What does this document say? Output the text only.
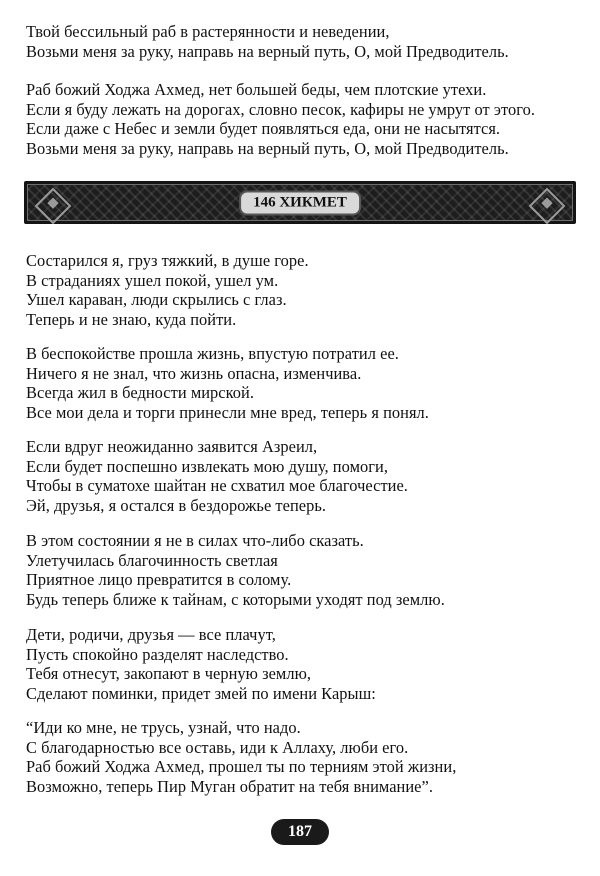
Твой бессильный раб в растерянности и неведении,
Возьми меня за руку, направь на верный путь, О, мой Предводитель.
Раб божий Ходжа Ахмед, нет большей беды, чем плотские утехи.
Если я буду лежать на дорогах, словно песок, кафиры не умрут от этого.
Если даже с Небес и земли будет появляться еда, они не насытятся.
Возьми меня за руку, направь на верный путь, О, мой Предводитель.
146 ХИКМЕТ
Состарился я, груз тяжкий, в душе горе.
В страданиях ушел покой, ушел ум.
Ушел караван, люди скрылись с глаз.
Теперь и не знаю, куда пойти.
В беспокойстве прошла жизнь, впустую потратил ее.
Ничего я не знал, что жизнь опасна, изменчива.
Всегда жил в бедности мирской.
Все мои дела и торги принесли мне вред, теперь я понял.
Если вдруг неожиданно заявится Азреил,
Если будет поспешно извлекать мою душу, помоги,
Чтобы в суматохе шайтан не схватил мое благочестие.
Эй, друзья, я остался в бездорожье теперь.
В этом состоянии я не в силах что-либо сказать.
Улетучилась благочинность светлая
Приятное лицо превратится в солому.
Будь теперь ближе к тайнам, с которыми уходят под землю.
Дети, родичи, друзья — все плачут,
Пусть спокойно разделят наследство.
Тебя отнесут, закопают в черную землю,
Сделают поминки, придет змей по имени Карыш:
“Иди ко мне, не трусь, узнай, что надо.
С благодарностью все оставь, иди к Аллаху, люби его.
Раб божий Ходжа Ахмед, прошел ты по терниям этой жизни,
Возможно, теперь Пир Муган обратит на тебя внимание”.
187
